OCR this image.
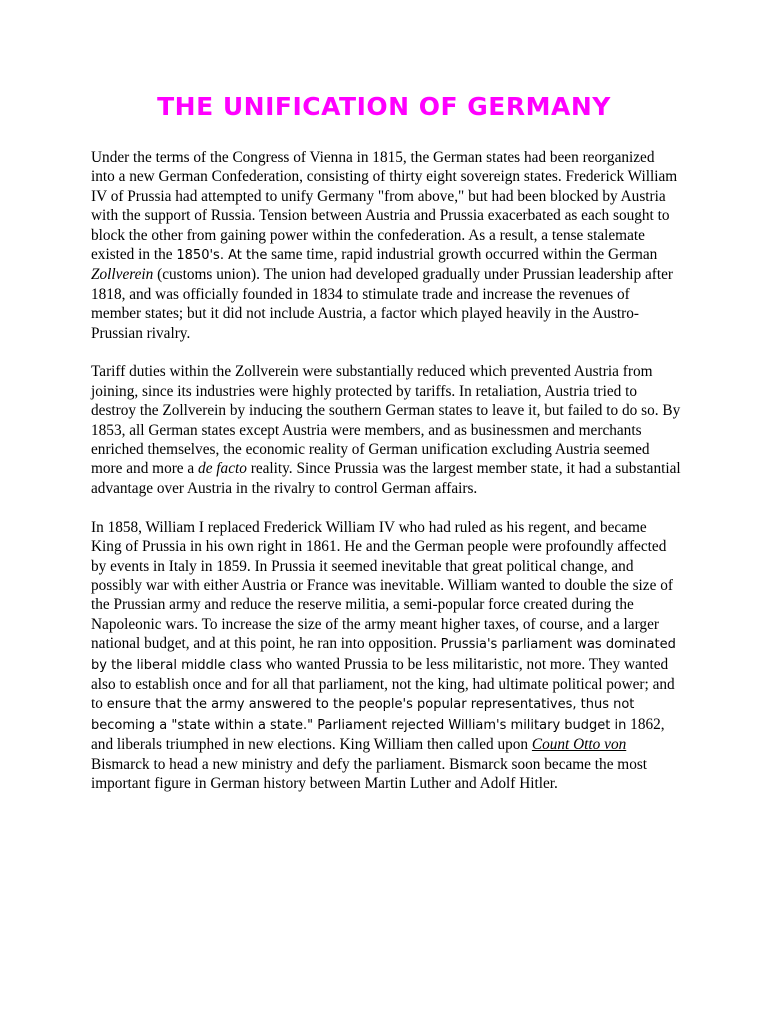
THE UNIFICATION OF GERMANY

Under the terms of the Congress of Vienna in 1815, the German states had been reorganized into a new German Confederation, consisting of thirty eight sovereign states. Frederick William IV of Prussia had attempted to unify Germany "from above," but had been blocked by Austria with the support of Russia. Tension between Austria and Prussia exacerbated as each sought to block the other from gaining power within the confederation. As a result, a tense stalemate existed in the 1850's. At the same time, rapid industrial growth occurred within the German Zollverein (customs union). The union had developed gradually under Prussian leadership after 1818, and was officially founded in 1834 to stimulate trade and increase the revenues of member states; but it did not include Austria, a factor which played heavily in the Austro-Prussian rivalry.

Tariff duties within the Zollverein were substantially reduced which prevented Austria from joining, since its industries were highly protected by tariffs. In retaliation, Austria tried to destroy the Zollverein by inducing the southern German states to leave it, but failed to do so. By 1853, all German states except Austria were members, and as businessmen and merchants enriched themselves, the economic reality of German unification excluding Austria seemed more and more a de facto reality. Since Prussia was the largest member state, it had a substantial advantage over Austria in the rivalry to control German affairs.

In 1858, William I replaced Frederick William IV who had ruled as his regent, and became King of Prussia in his own right in 1861. He and the German people were profoundly affected by events in Italy in 1859. In Prussia it seemed inevitable that great political change, and possibly war with either Austria or France was inevitable. William wanted to double the size of the Prussian army and reduce the reserve militia, a semi-popular force created during the Napoleonic wars. To increase the size of the army meant higher taxes, of course, and a larger national budget, and at this point, he ran into opposition. Prussia's parliament was dominated by the liberal middle class who wanted Prussia to be less militaristic, not more. They wanted also to establish once and for all that parliament, not the king, had ultimate political power; and to ensure that the army answered to the people's popular representatives, thus not becoming a "state within a state." Parliament rejected William's military budget in 1862, and liberals triumphed in new elections. King William then called upon Count Otto von Bismarck to head a new ministry and defy the parliament. Bismarck soon became the most important figure in German history between Martin Luther and Adolf Hitler.
